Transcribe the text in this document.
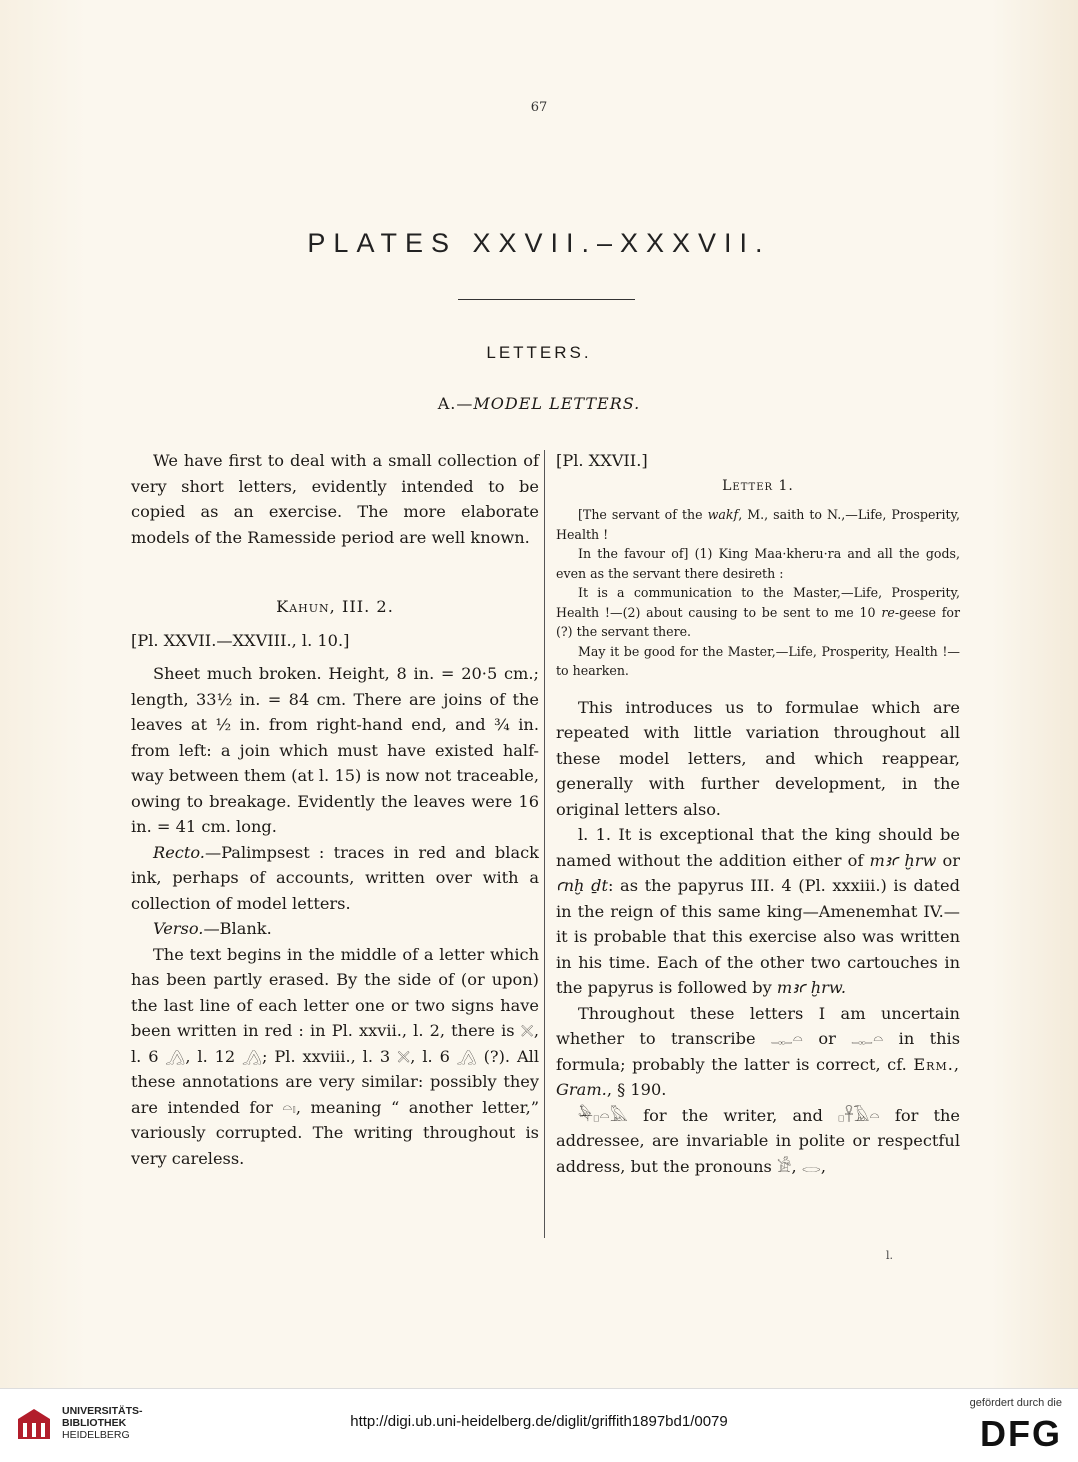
67
PLATES XXVII.–XXXVII.
LETTERS.
A.—MODEL LETTERS.

We have first to deal with a small collection of very short letters, evidently intended to be copied as an exercise. The more elaborate models of the Ramesside period are well known.

Kahun, III. 2.

[Pl. XXVII.—XXVIII., l. 10.]

Sheet much broken. Height, 8 in. = 20·5 cm.; length, 33½ in. = 84 cm. There are joins of the leaves at ½ in. from right-hand end, and ¾ in. from left: a join which must have existed half-way between them (at l. 15) is now not traceable, owing to breakage. Evidently the leaves were 16 in. = 41 cm. long.

Recto.—Palimpsest : traces in red and black ink, perhaps of accounts, written over with a collection of model letters.

Verso.—Blank.

The text begins in the middle of a letter which has been partly erased. By the side of (or upon) the last line of each letter one or two signs have been written in red : in Pl. xxvii., l. 2, there is 𓏴, l. 6 𓂻, l. 12 𓂻; Pl. xxviii., l. 3 𓏴, l. 6 𓂻 (?). All these annotations are very similar: possibly they are intended for 𓏏𓏤, meaning “ another letter,” variously corrupted. The writing throughout is very careless.

[Pl. XXVII.]

Letter 1.

[The servant of the wakf, M., saith to N.,—Life, Prosperity, Health !

In the favour of] (1) King Maa·kheru·ra and all the gods, even as the servant there desireth :

It is a communication to the Master,—Life, Prosperity, Health !—(2) about causing to be sent to me 10 re-geese for (?) the servant there.

May it be good for the Master,—Life, Prosperity, Health !—to hearken.

This introduces us to formulae which are repeated with little variation throughout all these model letters, and which reappear, generally with further development, in the original letters also.

l. 1. It is exceptional that the king should be named without the addition either of mꜣꜥ ḫrw or ꜥnḫ ḏt: as the papyrus III. 4 (Pl. xxxiii.) is dated in the reign of this same king—Amenemhat IV.—it is probable that this exercise also was written in his time. Each of the other two cartouches in the papyrus is followed by mꜣꜥ ḫrw.

Throughout these letters I am uncertain whether to transcribe 𓊃𓏏 or 𓊃𓏏 in this formula; probably the latter is correct, cf. Erm., Gram., § 190.

𓅆𓊪𓏏𓅓 for the writer, and 𓊪𓋹𓄿𓏏 for the addressee, are invariable in polite or respectful address, but the pronouns 𓀀, 𓂋,

l.
UNIVERSITÄTS-
BIBLIOTHEK
HEIDELBERG
http://digi.ub.uni-heidelberg.de/diglit/griffith1897bd1/0079
gefördert durch die
DFG
